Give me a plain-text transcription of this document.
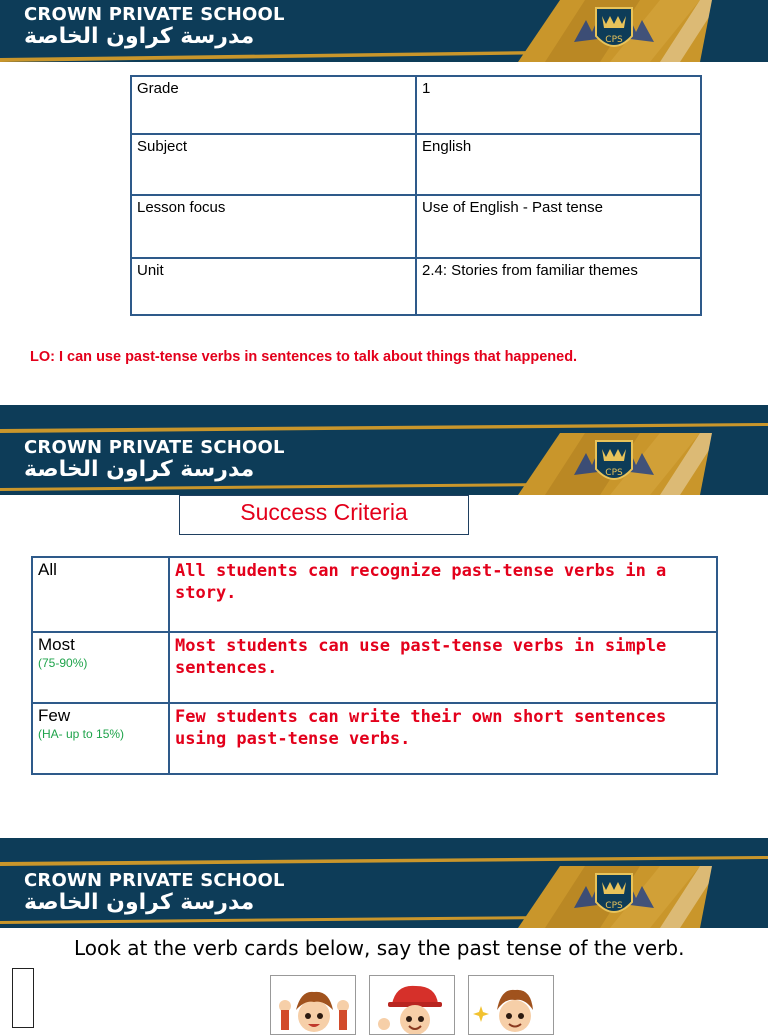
CROWN PRIVATE SCHOOL
مدرسة كراون الخاصة	CPS
Grade	1
Subject	English
Lesson focus	Use of English - Past tense
Unit	2.4: Stories from familiar themes
LO: I can use past-tense verbs in sentences to talk about things that happened.
CROWN PRIVATE SCHOOL
مدرسة كراون الخاصة	CPS
Success Criteria
All	All students can recognize past-tense verbs in a story.
Most
(75-90%)	Most students can use past-tense verbs in simple sentences.
Few
(HA- up to 15%)	Few students can write their own short sentences using past-tense verbs.
CROWN PRIVATE SCHOOL
مدرسة كراون الخاصة	CPS
Look at the verb cards below, say the past tense of the verb.
